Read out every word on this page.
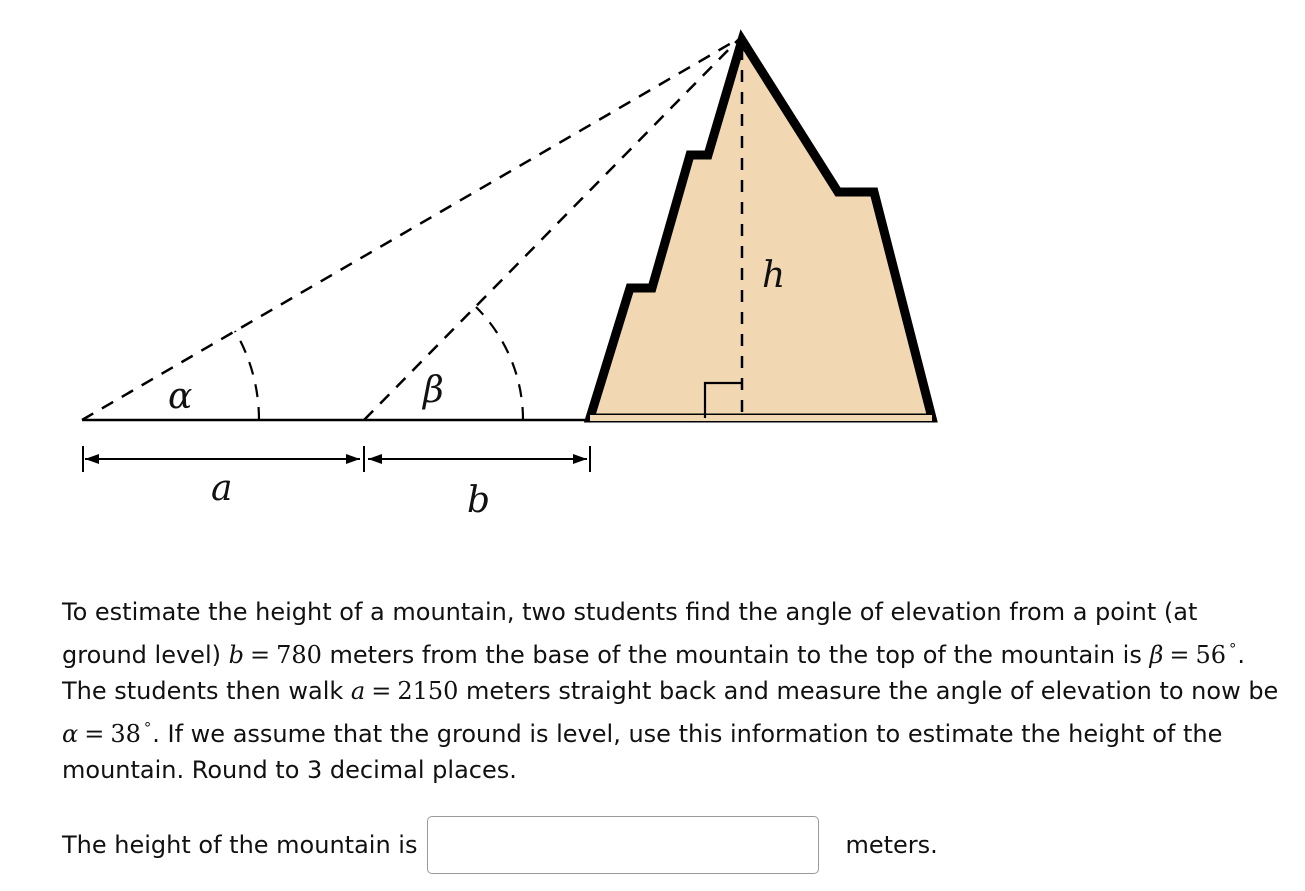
α	β
h
a	b

To estimate the height of a mountain, two students find the angle of elevation from a point (at ground level) b = 780 meters from the base of the mountain to the top of the mountain is β = 56 ∘. The students then walk a = 2150 meters straight back and measure the angle of elevation to now be α = 38 ∘. If we assume that the ground is level, use this information to estimate the height of the mountain. Round to 3 decimal places.

The height of the mountain is	meters.
